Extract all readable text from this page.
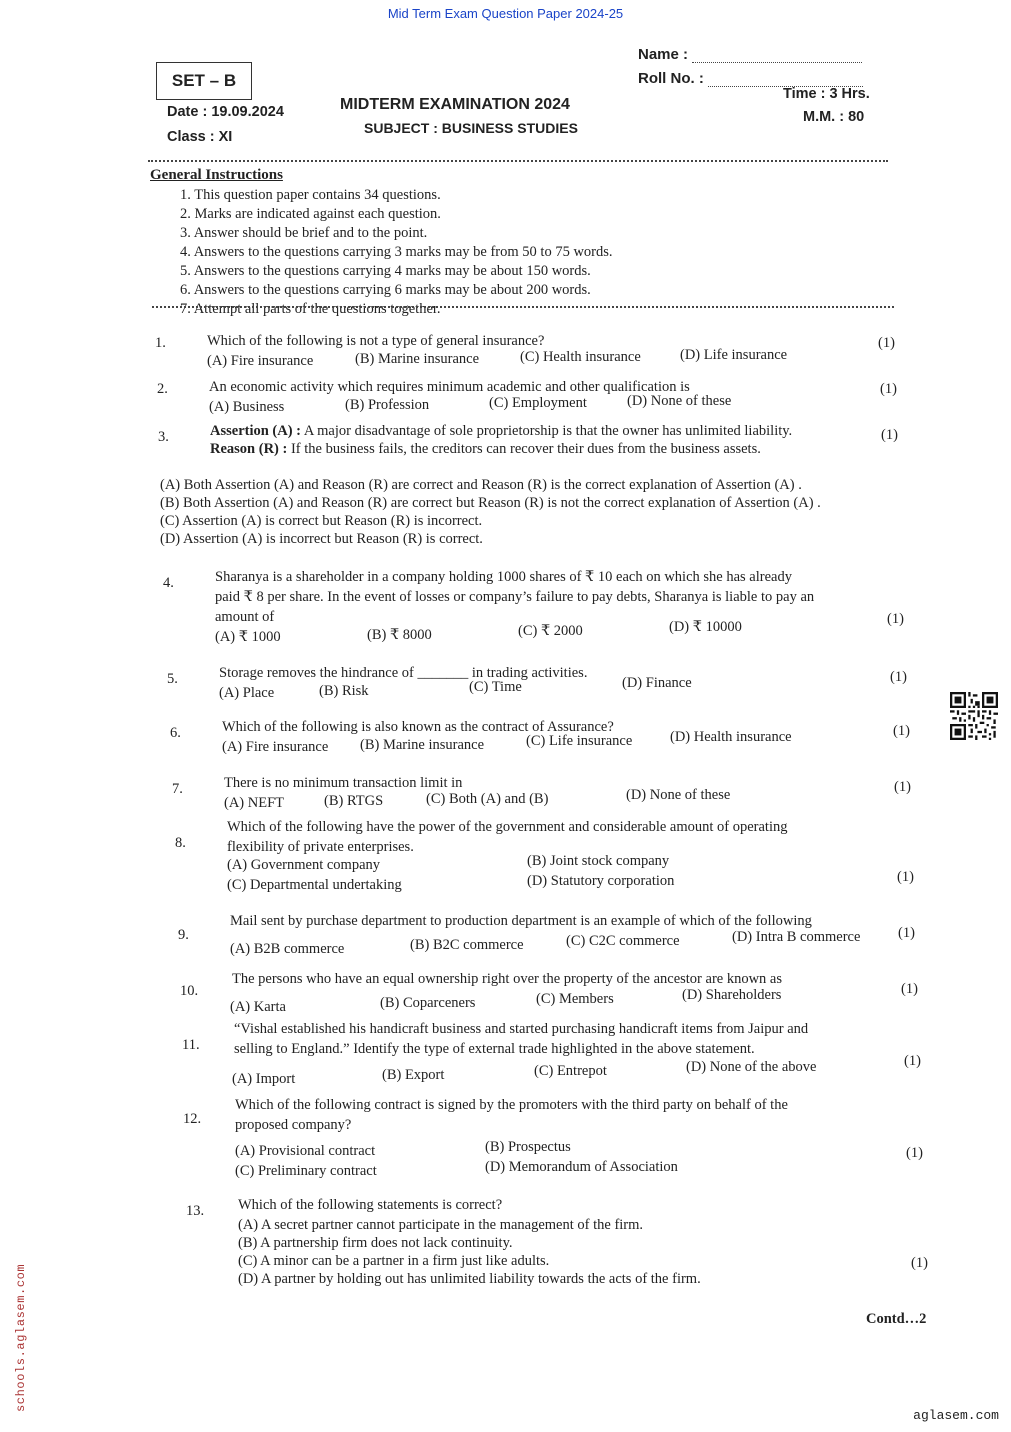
Mid Term Exam Question Paper 2024-25
SET – B
Name :
Roll No. :
Time : 3 Hrs.
M.M. : 80
Date : 19.09.2024
Class : XI
MIDTERM EXAMINATION 2024
SUBJECT : BUSINESS STUDIES
General Instructions
1. This question paper contains 34 questions.
2. Marks are indicated against each question.
3. Answer should be brief and to the point.
4. Answers to the questions carrying 3 marks may be from 50 to 75 words.
5. Answers to the questions carrying 4 marks may be about 150 words.
6. Answers to the questions carrying 6 marks may be about 200 words.
7. Attempt all parts of the questions together.
1.	Which of the following is not a type of general insurance?	(1)
(A) Fire insurance	(B) Marine insurance	(C) Health insurance	(D) Life insurance
2.	An economic activity which requires minimum academic and other qualification is	(1)
(A) Business	(B) Profession	(C) Employment	(D) None of these
3.	Assertion (A) : A major disadvantage of sole proprietorship is that the owner has unlimited liability.
Reason (R) : If the business fails, the creditors can recover their dues from the business assets.
(1)
(A) Both Assertion (A) and Reason (R) are correct and Reason (R) is the correct explanation of Assertion (A) .
(B) Both Assertion (A) and Reason (R) are correct but Reason (R) is not the correct explanation of Assertion (A) .
(C) Assertion (A) is correct but Reason (R) is incorrect.
(D) Assertion (A) is incorrect but Reason (R) is correct.
4.	Sharanya is a shareholder in a company holding 1000 shares of ₹ 10 each on which she has already
paid ₹ 8 per share. In the event of losses or company’s failure to pay debts, Sharanya is liable to pay an
amount of	(1)
(A) ₹ 1000	(B) ₹ 8000	(C) ₹ 2000	(D) ₹ 10000
5.	Storage removes the hindrance of _______ in trading activities.	(1)
(A) Place	(B) Risk	(C) Time	(D) Finance
6.	Which of the following is also known as the contract of Assurance?	(1)
(A) Fire insurance (B) Marine insurance	(C) Life insurance	(D) Health insurance
7.	There is no minimum transaction limit in	(1)
(A) NEFT	(B) RTGS	(C) Both (A) and (B)	(D) None of these
8.
Which of the following have the power of the government and considerable amount of operating
flexibility of private enterprises.
(1)
(A) Government company	(B) Joint stock company
(C) Departmental undertaking	(D) Statutory corporation
9.
Mail sent by purchase department to production department is an example of which of the following
(1)
(A) B2B commerce	(B) B2C commerce	(C) C2C commerce	(D) Intra B commerce
10.
The persons who have an equal ownership right over the property of the ancestor are known as
(1)
(A) Karta	(B) Coparceners	(C) Members	(D) Shareholders
11.
“Vishal established his handicraft business and started purchasing handicraft items from Jaipur and
selling to England.” Identify the type of external trade highlighted in the above statement.
(1)
(A) Import	(B) Export	(C) Entrepot	(D) None of the above
12.
Which of the following contract is signed by the promoters with the third party on behalf of the
proposed company?
(1)
(A) Provisional contract	(B) Prospectus
(C) Preliminary contract	(D) Memorandum of Association
13. Which of the following statements is correct?
(1)
(A) A secret partner cannot participate in the management of the firm.
(B) A partnership firm does not lack continuity.
(C) A minor can be a partner in a firm just like adults.
(D) A partner by holding out has unlimited liability towards the acts of the firm.
Contd…2
schools.aglasem.com
aglasem.com
